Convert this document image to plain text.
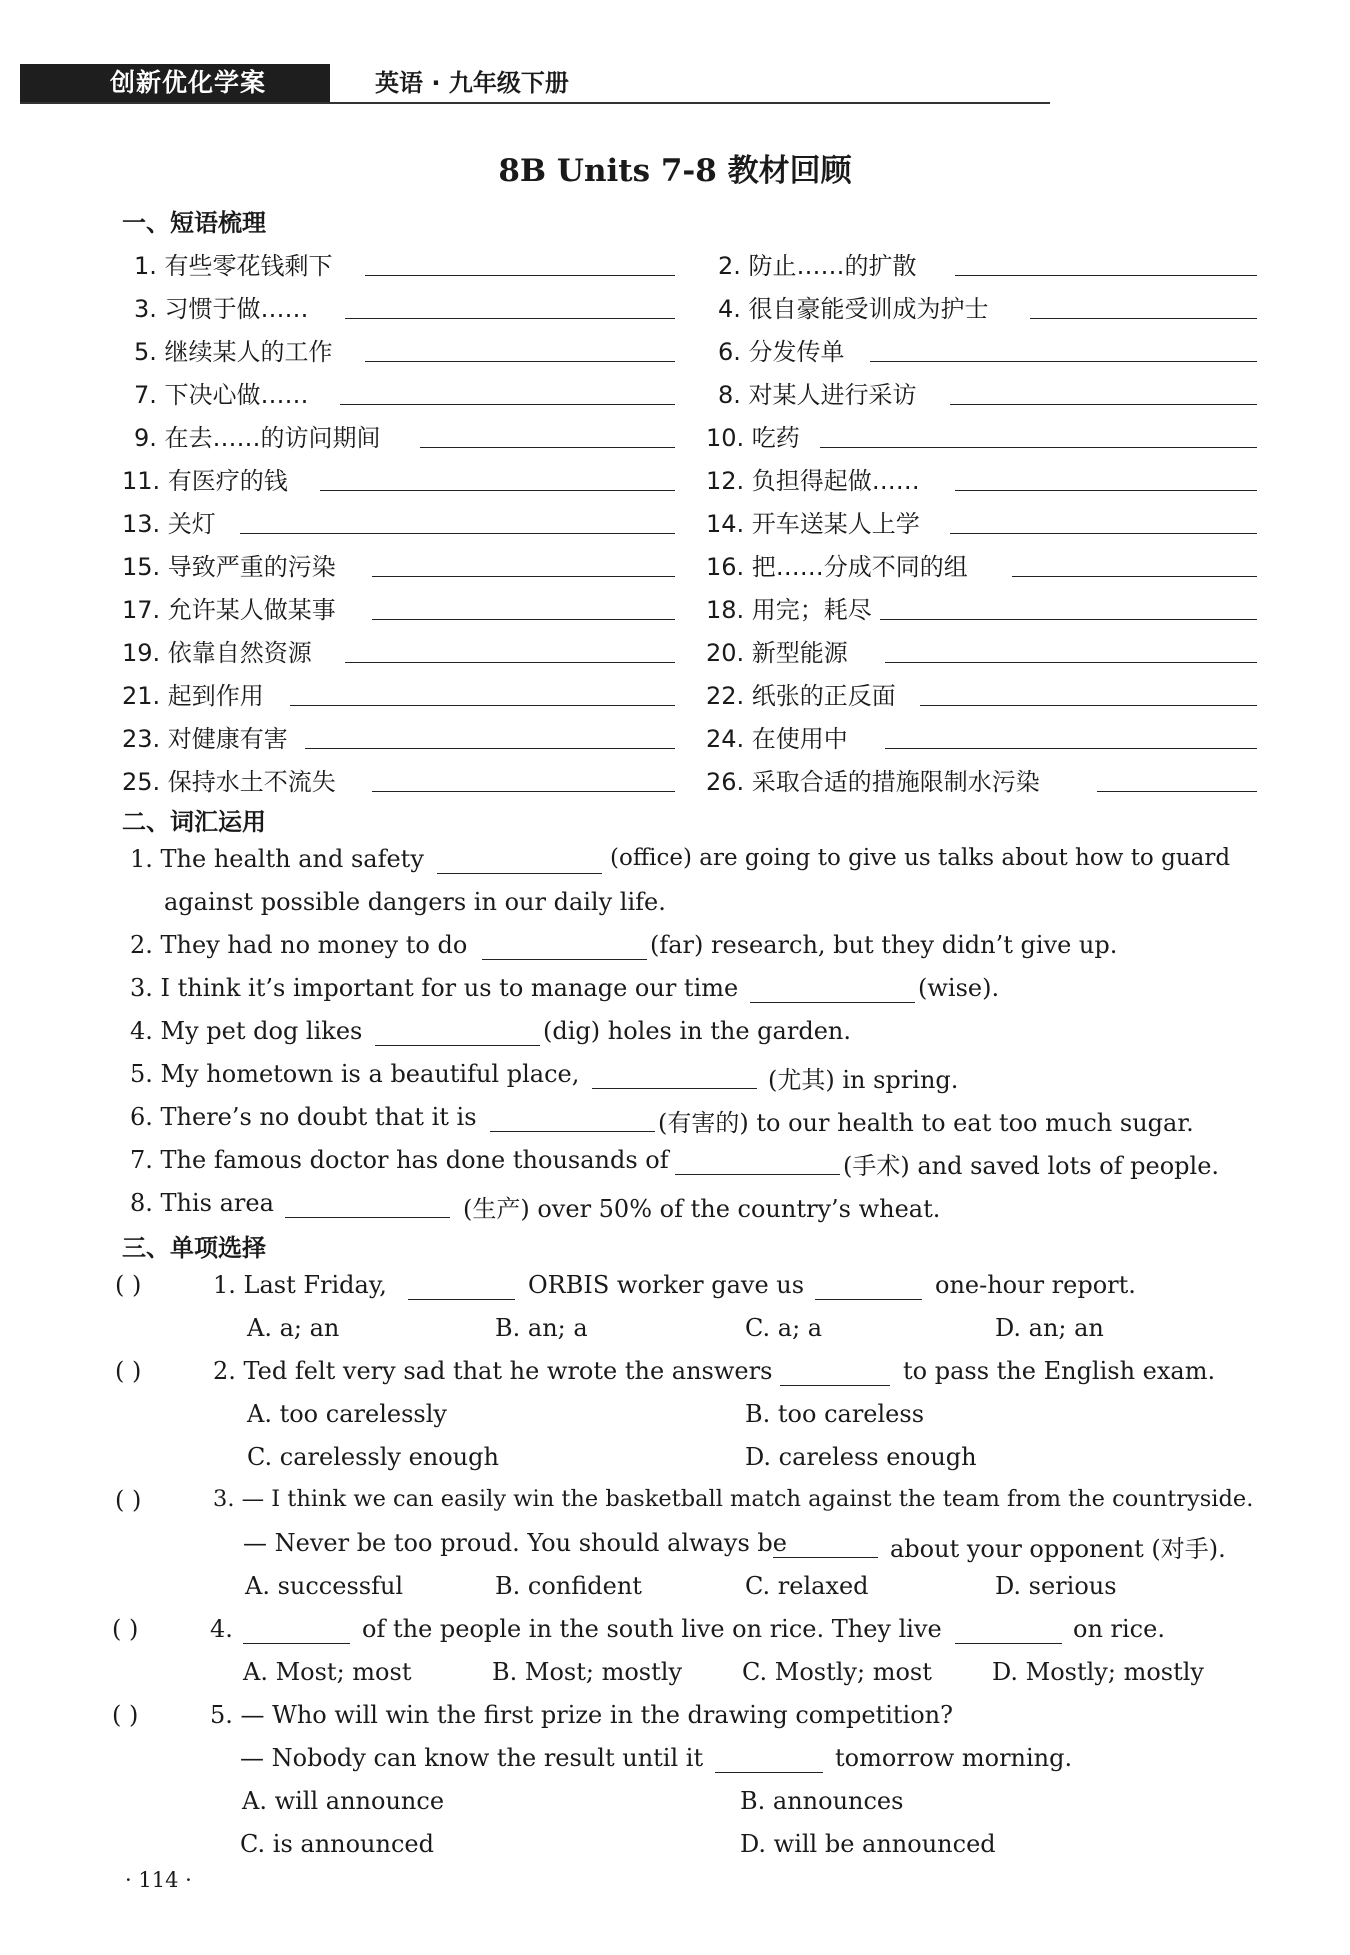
创新优化学案	英语 · 九年级下册
8B Units 7-8 教材回顾
一、短语梳理
1. 有些零花钱剩下	2. 防止……的扩散
3. 习惯于做……	4. 很自豪能受训成为护士
5. 继续某人的工作	6. 分发传单
7. 下决心做……	8. 对某人进行采访
9. 在去……的访问期间	10. 吃药
11. 有医疗的钱	12. 负担得起做……
13. 关灯	14. 开车送某人上学
15. 导致严重的污染	16. 把……分成不同的组
17. 允许某人做某事	18. 用完；耗尽
19. 依靠自然资源	20. 新型能源
21. 起到作用	22. 纸张的正反面
23. 对健康有害	24. 在使用中
25. 保持水土不流失	26. 采取合适的措施限制水污染
二、词汇运用
1. The health and safety	(office) are going to give us talks about how to guard
against possible dangers in our daily life.
2. They had no money to do	(far) research, but they didn’t give up.
3. I think it’s important for us to manage our time	(wise).
4. My pet dog likes	(dig) holes in the garden.
5. My hometown is a beautiful place,	(尤其) in spring.
6. There’s no doubt that it is	(有害的) to our health to eat too much sugar.
7. The famous doctor has done thousands of	(手术) and saved lots of people.
8. This area	(生产) over 50% of the country’s wheat.
三、单项选择
( )	1. Last Friday,	ORBIS worker gave us	one-hour report.
A. a; an	B. an; a	C. a; a	D. an; an
( )	2. Ted felt very sad that he wrote the answers	to pass the English exam.
A. too carelessly	B. too careless
C. carelessly enough	D. careless enough
( )	3. — I think we can easily win the basketball match against the team from the countryside.
— Never be too proud. You should always be	about your opponent (对手).
A. successful	B. confident	C. relaxed	D. serious
( )	4.	of the people in the south live on rice. They live	on rice.
A. Most; most	B. Most; mostly	C. Mostly; most	D. Mostly; mostly
( )	5. — Who will win the first prize in the drawing competition?
— Nobody can know the result until it	tomorrow morning.
A. will announce	B. announces
C. is announced	D. will be announced
· 114 ·
